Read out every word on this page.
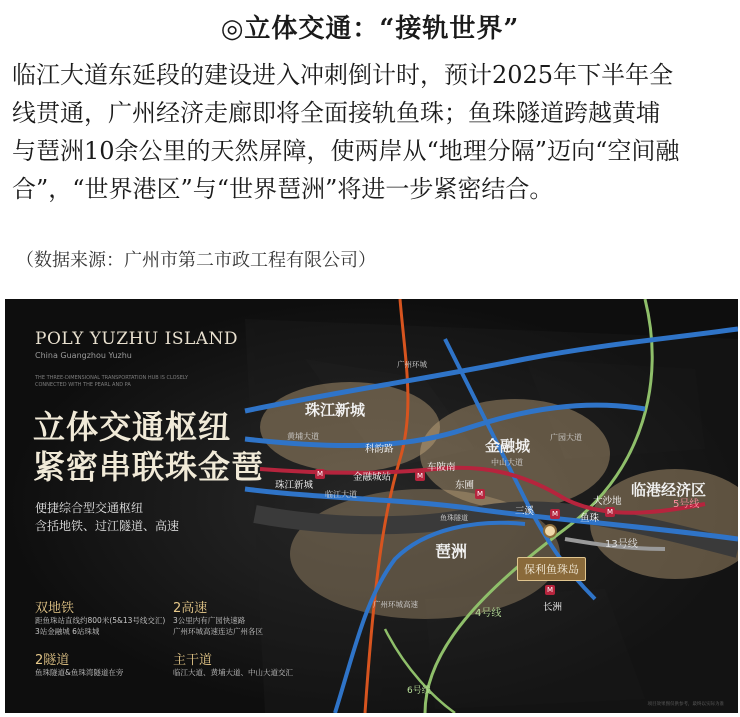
◎立体交通：“接轨世界”

临江大道东延段的建设进入冲刺倒计时，预计2025年下半年全
线贯通，广州经济走廊即将全面接轨鱼珠；鱼珠隧道跨越黄埔
与琶洲10余公里的天然屏障，使两岸从“地理分隔”迈向“空间融
合”，“世界港区”与“世界琶洲”将进一步紧密结合。

（数据来源：广州市第二市政工程有限公司）
POLY YUZHU ISLAND
China Guangzhou Yuzhu
THE THREE-DIMENSIONAL TRANSPORTATION HUB IS CLOSELY CONNECTED WITH THE PEARL AND PA
立体交通枢纽
紧密串联珠金琶
便捷综合型交通枢纽
含括地铁、过江隧道、高速
双地铁
距鱼珠站直线约800米(5&13号线交汇)
3站金融城 6站珠城
2高速
3公里内有广园快速路
广州环城高速连达广州各区
2隧道
鱼珠隧道&鱼珠湾隧道在旁
主干道
临江大道、黄埔大道、中山大道交汇
珠江新城
金融城
临港经济区
琶洲
保利鱼珠岛
科韵路
金融城站
珠江新城
车陂南
东圃
三溪
鱼珠
大沙地
长洲
黄埔大道
临江大道
中山大道
广园大道
5号线
13号线
4号线
6号线
鱼珠隧道
广州环城高速
广州环城
M	M
M
M	M
M
项目效果图仅供参考，最终以实际为准
